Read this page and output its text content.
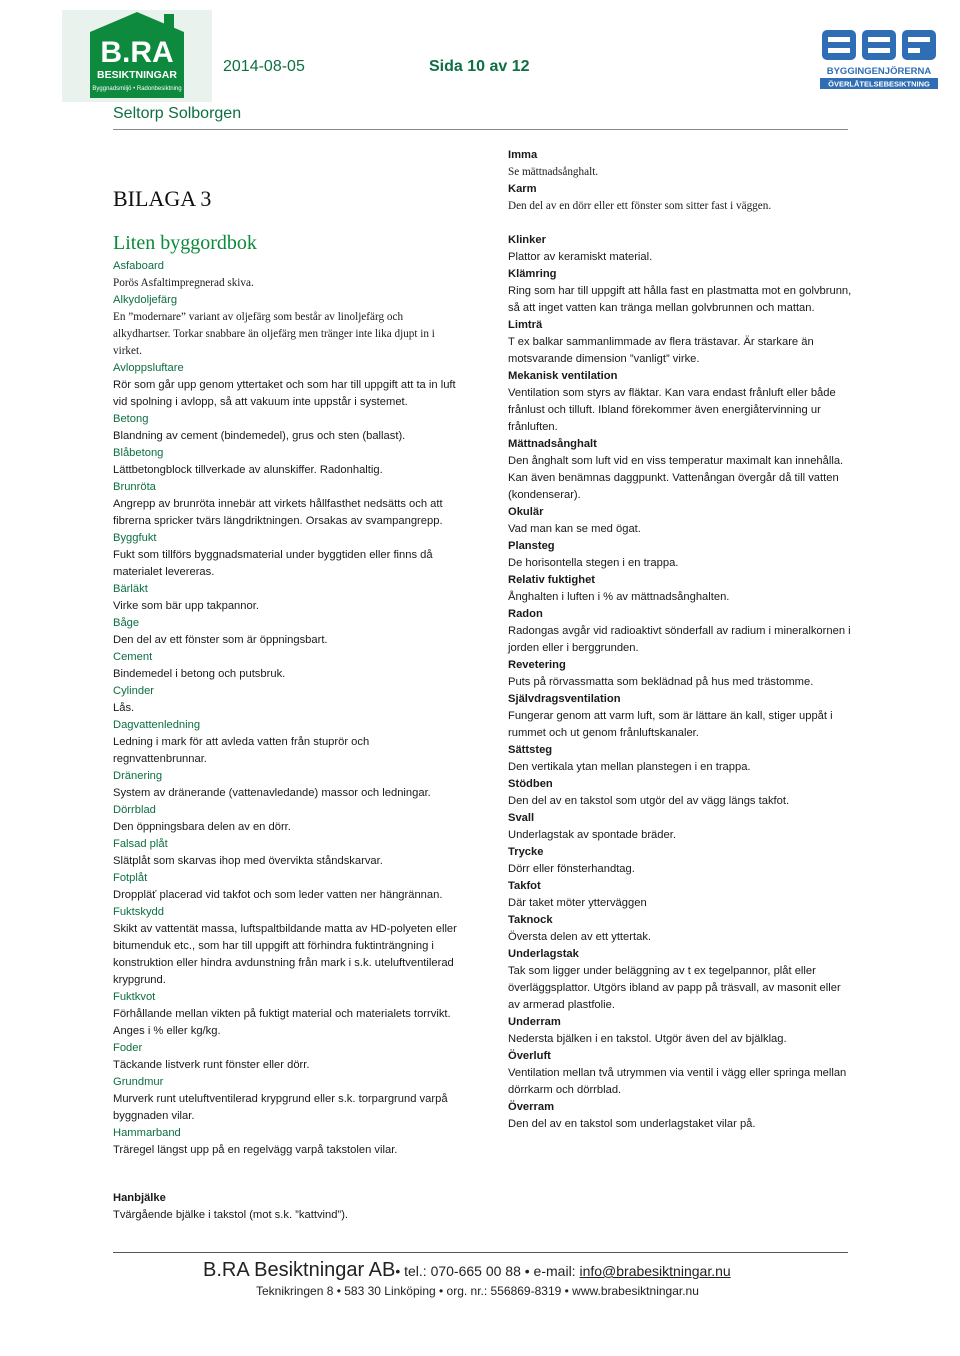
B.RA
BESIKTNINGAR
Byggnadsmiljö • Radonbesiktning
2014-08-05	Sida 10 av 12
Seltorp Solborgen
BYGGINGENJÖRERNA
ÖVERLÅTELSEBESIKTNING
BILAGA 3
Liten byggordbok
Asfaboard
Porös Asfaltimpregnerad skiva.
Alkydoljefärg
En ”modernare” variant av oljefärg som består av linoljefärg och alkydhartser. Torkar snabbare än oljefärg men tränger inte lika djupt in i virket.
Avloppsluftare
Rör som går upp genom yttertaket och som har till uppgift att ta in luft vid spolning i avlopp, så att vakuum inte uppstår i systemet.
Betong
Blandning av cement (bindemedel), grus och sten (ballast).
Blåbetong
Lättbetongblock tillverkade av alunskiffer. Radonhaltig.
Brunröta
Angrepp av brunröta innebär att virkets hållfasthet nedsätts och att fibrerna spricker tvärs längdriktningen. Orsakas av svampangrepp.
Byggfukt
Fukt som tillförs byggnadsmaterial under byggtiden eller finns då materialet levereras.
Bärläkt
Virke som bär upp takpannor.
Båge
Den del av ett fönster som är öppningsbart.
Cement
Bindemedel i betong och putsbruk.
Cylinder
Lås.
Dagvattenledning
Ledning i mark för att avleda vatten från stuprör och regnvattenbrunnar.
Dränering
System av dränerande (vattenavledande) massor och ledningar.
Dörrblad
Den öppningsbara delen av en dörr.
Falsad plåt
Slätplåt som skarvas ihop med övervikta ståndskarvar.
Fotplåt
Droppläť placerad vid takfot och som leder vatten ner hängrännan.
Fuktskydd
Skikt av vattentät massa, luftspaltbildande matta av HD-polyeten eller bitumenduk etc., som har till uppgift att förhindra fuktinträngning i konstruktion eller hindra avdunstning från mark i s.k. uteluftventilerad krypgrund.
Fuktkvot
Förhållande mellan vikten på fuktigt material och materialets torrvikt. Anges i % eller kg/kg.
Foder
Täckande listverk runt fönster eller dörr.
Grundmur
Murverk runt uteluftventilerad krypgrund eller s.k. torpargrund varpå byggnaden vilar.
Hammarband
Träregel längst upp på en regelvägg varpå takstolen vilar.
Imma
Se mättnadsånghalt.
Karm
Den del av en dörr eller ett fönster som sitter fast i väggen.
Klinker
Plattor av keramiskt material.
Klämring
Ring som har till uppgift att hålla fast en plastmatta mot en golvbrunn, så att inget vatten kan tränga mellan golvbrunnen och mattan.
Limträ
T ex balkar sammanlimmade av flera trästavar. Är starkare än motsvarande dimension ”vanligt” virke.
Mekanisk ventilation
Ventilation som styrs av fläktar. Kan vara endast frånluft eller både frånlust och tilluft. Ibland förekommer även energiåtervinning ur frånluften.
Mättnadsånghalt
Den ånghalt som luft vid en viss temperatur maximalt kan innehålla. Kan även benämnas daggpunkt. Vattenångan övergår då till vatten (kondenserar).
Okulär
Vad man kan se med ögat.
Plansteg
De horisontella stegen i en trappa.
Relativ fuktighet
Ånghalten i luften i % av mättnadsånghalten.
Radon
Radongas avgår vid radioaktivt sönderfall av radium i mineralkornen i jorden eller i berggrunden.
Revetering
Puts på rörvassmatta som beklädnad på hus med trästomme.
Självdragsventilation
Fungerar genom att varm luft, som är lättare än kall, stiger uppåt i rummet och ut genom frånluftskanaler.
Sättsteg
Den vertikala ytan mellan planstegen i en trappa.
Stödben
Den del av en takstol som utgör del av vägg längs takfot.
Svall
Underlagstak av spontade bräder.
Trycke
Dörr eller fönsterhandtag.
Takfot
Där taket möter ytterväggen
Taknock
Översta delen av ett yttertak.
Underlagstak
Tak som ligger under beläggning av t ex tegelpannor, plåt eller överläggsplattor. Utgörs ibland av papp på träsvall, av masonit eller av armerad plastfolie.
Underram
Nedersta bjälken i en takstol. Utgör även del av bjälklag.
Överluft
Ventilation mellan två utrymmen via ventil i vägg eller springa mellan dörrkarm och dörrblad.
Överram
Den del av en takstol som underlagstaket vilar på.
Hanbjälke
Tvärgående bjälke i takstol (mot s.k. ”kattvind”).
B.RA Besiktningar AB• tel.: 070-665 00 88 • e-mail: info@brabesiktningar.nu
Teknikringen 8 • 583 30 Linköping • org. nr.: 556869-8319 • www.brabesiktningar.nu
